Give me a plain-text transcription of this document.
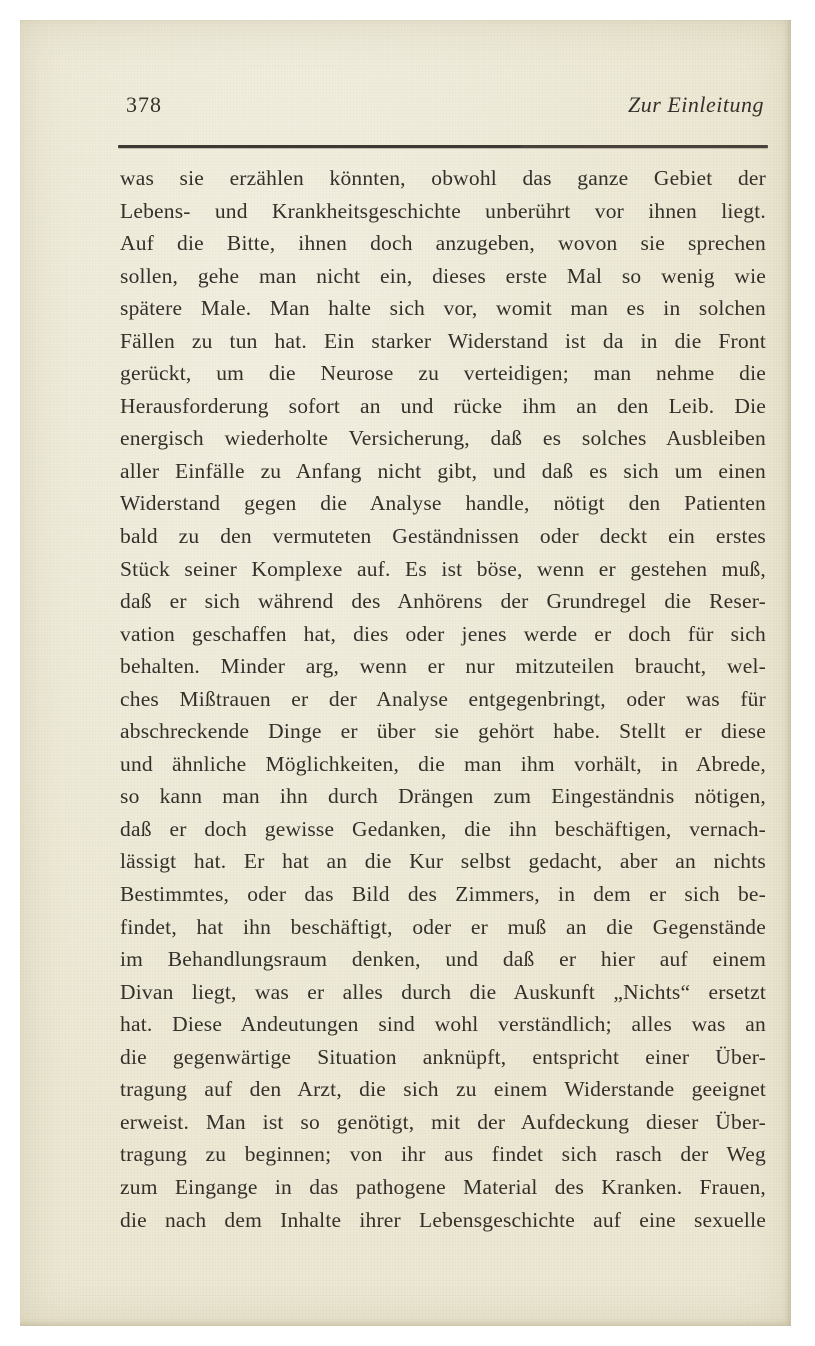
378	Zur Einleitung
was sie erzählen könnten, obwohl das ganze Gebiet der
Lebens- und Krankheitsgeschichte unberührt vor ihnen liegt.
Auf die Bitte, ihnen doch anzugeben, wovon sie sprechen
sollen, gehe man nicht ein, dieses erste Mal so wenig wie
spätere Male. Man halte sich vor, womit man es in solchen
Fällen zu tun hat. Ein starker Widerstand ist da in die Front
gerückt, um die Neurose zu verteidigen; man nehme die
Herausforderung sofort an und rücke ihm an den Leib. Die
energisch wiederholte Versicherung, daß es solches Ausbleiben
aller Einfälle zu Anfang nicht gibt, und daß es sich um einen
Widerstand gegen die Analyse handle, nötigt den Patienten
bald zu den vermuteten Geständnissen oder deckt ein erstes
Stück seiner Komplexe auf. Es ist böse, wenn er gestehen muß,
daß er sich während des Anhörens der Grundregel die Reser-
vation geschaffen hat, dies oder jenes werde er doch für sich
behalten. Minder arg, wenn er nur mitzuteilen braucht, wel-
ches Mißtrauen er der Analyse entgegenbringt, oder was für
abschreckende Dinge er über sie gehört habe. Stellt er diese
und ähnliche Möglichkeiten, die man ihm vorhält, in Abrede,
so kann man ihn durch Drängen zum Eingeständnis nötigen,
daß er doch gewisse Gedanken, die ihn beschäftigen, vernach-
lässigt hat. Er hat an die Kur selbst gedacht, aber an nichts
Bestimmtes, oder das Bild des Zimmers, in dem er sich be-
findet, hat ihn beschäftigt, oder er muß an die Gegenstände
im Behandlungsraum denken, und daß er hier auf einem
Divan liegt, was er alles durch die Auskunft „Nichts“ ersetzt
hat. Diese Andeutungen sind wohl verständlich; alles was an
die gegenwärtige Situation anknüpft, entspricht einer Über-
tragung auf den Arzt, die sich zu einem Widerstande geeignet
erweist. Man ist so genötigt, mit der Aufdeckung dieser Über-
tragung zu beginnen; von ihr aus findet sich rasch der Weg
zum Eingange in das pathogene Material des Kranken. Frauen,
die nach dem Inhalte ihrer Lebensgeschichte auf eine sexuelle
